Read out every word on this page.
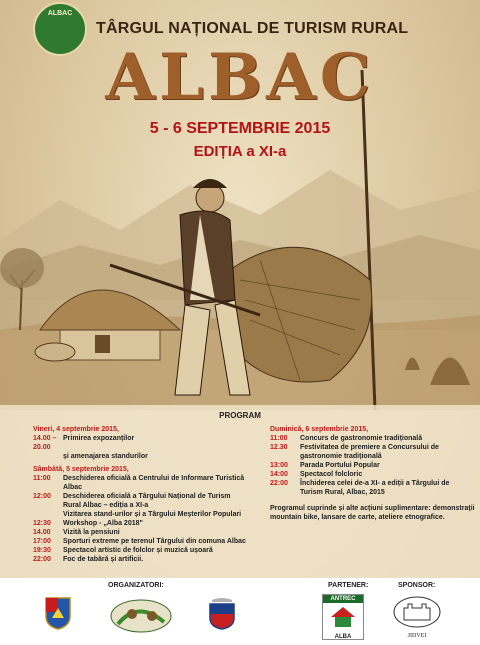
ALBAC
TÂRGUL NAȚIONAL DE TURISM RURAL
ALBAC
5 - 6 SEPTEMBRIE 2015
EDIȚIA a XI-a
PROGRAM
Vineri, 4 septembrie 2015,
14.00 – 20.00
Primirea expozanților
și amenajarea standurilor
Sâmbătă, 5 septembrie 2015,
11:00	Deschiderea oficială a Centrului de Informare Turistică
Albac
12:00	Deschiderea oficială a Târgului Național de Turism
Rural Albac – ediția a XI-a
Vizitarea stand-urilor și a Târgului Meșterilor Populari
12:30	Workshop - „Alba 2018"
14.00	Vizită la pensiuni
17:00	Sporturi extreme pe terenul Târgului din comuna Albac
19:30	Spectacol artistic de folclor și muzică ușoară
22:00	Foc de tabără și artificii.
Duminică, 6 septembrie 2015,
11:00	Concurs de gastronomie tradițională
12.30	Festivitatea de premiere a Concursului de
gastronomie tradițională
13:00	Parada Portului Popular
14:00	Spectacol folcloric
22:00	Închiderea celei de-a XI- a ediții a Târgului de
Turism Rural, Albac, 2015
Programul cuprinde și alte acțiuni suplimentare: demonstrații mountain bike, lansare de carte, ateliere etnografice.
ORGANIZATORI:	PARTENER:	SPONSOR:
ANTREC
ALBA	JIDVEI
